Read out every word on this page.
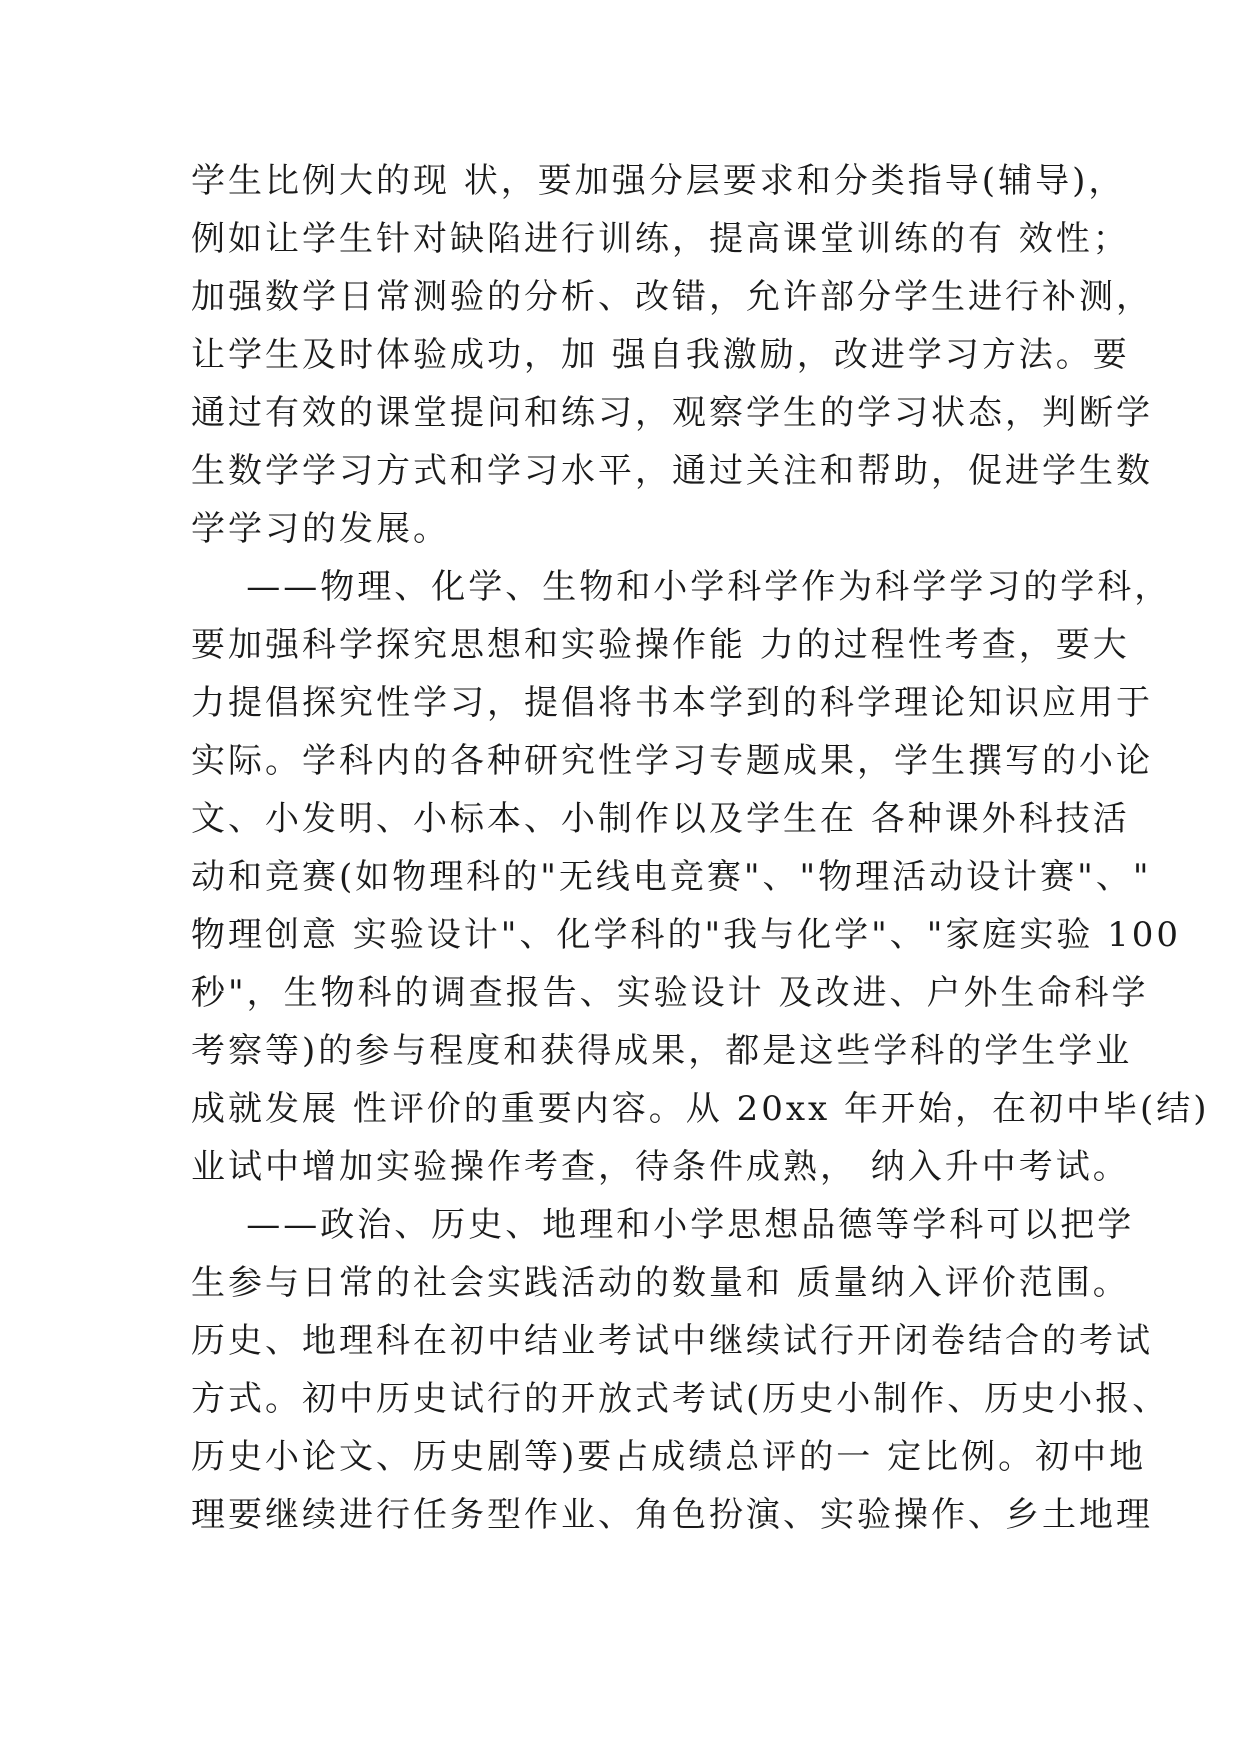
学生比例大的现 状，要加强分层要求和分类指导(辅导)，
例如让学生针对缺陷进行训练，提高课堂训练的有 效性；
加强数学日常测验的分析、改错，允许部分学生进行补测，
让学生及时体验成功，加 强自我激励，改进学习方法。要
通过有效的课堂提问和练习，观察学生的学习状态，判断学
生数学学习方式和学习水平，通过关注和帮助，促进学生数
学学习的发展。
——物理、化学、生物和小学科学作为科学学习的学科，
要加强科学探究思想和实验操作能 力的过程性考查，要大
力提倡探究性学习，提倡将书本学到的科学理论知识应用于
实际。学科内的各种研究性学习专题成果，学生撰写的小论
文、小发明、小标本、小制作以及学生在 各种课外科技活
动和竞赛(如物理科的"无线电竞赛"、"物理活动设计赛"、"
物理创意 实验设计"、化学科的"我与化学"、"家庭实验 100
秒"，生物科的调查报告、实验设计 及改进、户外生命科学
考察等)的参与程度和获得成果，都是这些学科的学生学业
成就发展 性评价的重要内容。从 20xx 年开始，在初中毕(结)
业试中增加实验操作考查，待条件成熟， 纳入升中考试。
——政治、历史、地理和小学思想品德等学科可以把学
生参与日常的社会实践活动的数量和 质量纳入评价范围。
历史、地理科在初中结业考试中继续试行开闭卷结合的考试
方式。初中历史试行的开放式考试(历史小制作、历史小报、
历史小论文、历史剧等)要占成绩总评的一 定比例。初中地
理要继续进行任务型作业、角色扮演、实验操作、乡土地理
